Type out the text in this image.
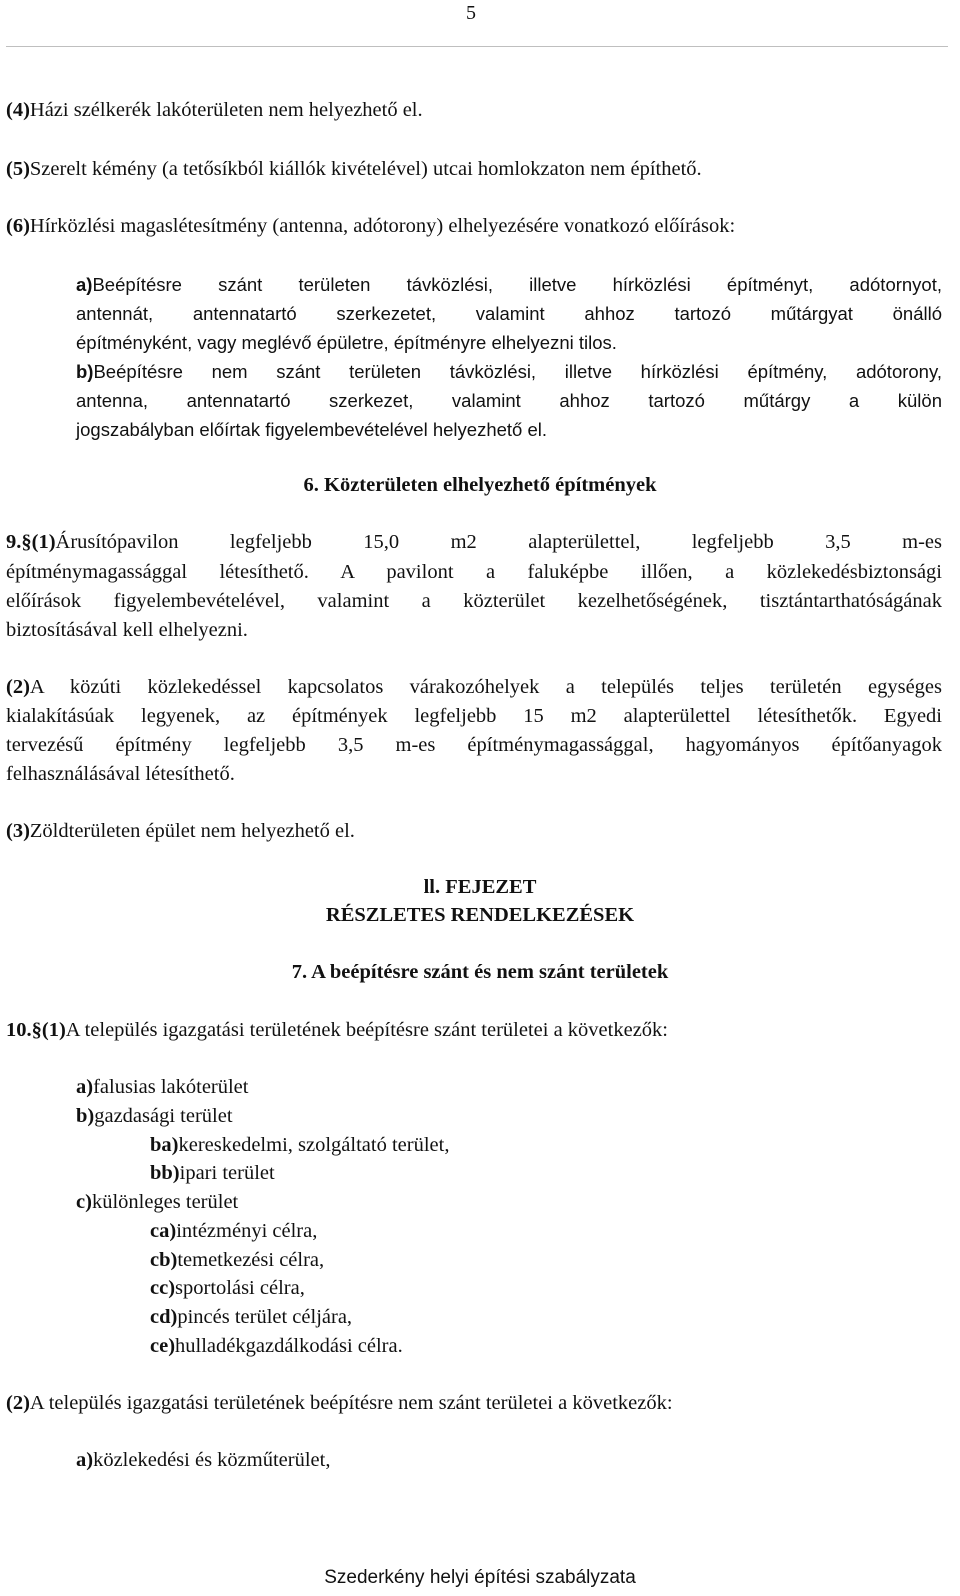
5
(4)Házi szélkerék lakóterületen nem helyezhető el.
(5)Szerelt kémény (a tetősíkból kiállók kivételével) utcai homlokzaton nem építhető.
(6)Hírközlési magaslétesítmény (antenna, adótorony) elhelyezésére vonatkozó előírások:
a)Beépítésre szánt területen távközlési, illetve hírközlési építményt, adótornyot,
antennát, antennatartó szerkezetet, valamint ahhoz tartozó műtárgyat önálló
építményként, vagy meglévő épületre, építményre elhelyezni tilos.
b)Beépítésre nem szánt területen távközlési, illetve hírközlési építmény, adótorony,
antenna, antennatartó szerkezet, valamint ahhoz tartozó műtárgy a külön
jogszabályban előírtak figyelembevételével helyezhető el.
6. Közterületen elhelyezhető építmények
9.§(1)Árusítópavilon legfeljebb 15,0 m2 alapterülettel, legfeljebb 3,5 m-es
építménymagassággal létesíthető. A pavilont a faluképbe illően, a közlekedésbiztonsági
előírások figyelembevételével, valamint a közterület kezelhetőségének, tisztántarthatóságának
biztosításával kell elhelyezni.
(2)A közúti közlekedéssel kapcsolatos várakozóhelyek a település teljes területén egységes
kialakításúak legyenek, az építmények legfeljebb 15 m2 alapterülettel létesíthetők. Egyedi
tervezésű építmény legfeljebb 3,5 m-es építménymagassággal, hagyományos építőanyagok
felhasználásával létesíthető.
(3)Zöldterületen épület nem helyezhető el.
ll. FEJEZET
RÉSZLETES RENDELKEZÉSEK
7. A beépítésre szánt és nem szánt területek
10.§(1)A település igazgatási területének beépítésre szánt területei a következők:
a)falusias lakóterület
b)gazdasági terület
ba)kereskedelmi, szolgáltató terület,
bb)ipari terület
c)különleges terület
ca)intézményi célra,
cb)temetkezési célra,
cc)sportolási célra,
cd)pincés terület céljára,
ce)hulladékgazdálkodási célra.
(2)A település igazgatási területének beépítésre nem szánt területei a következők:
a)közlekedési és közműterület,
Szederkény helyi építési szabályzata
